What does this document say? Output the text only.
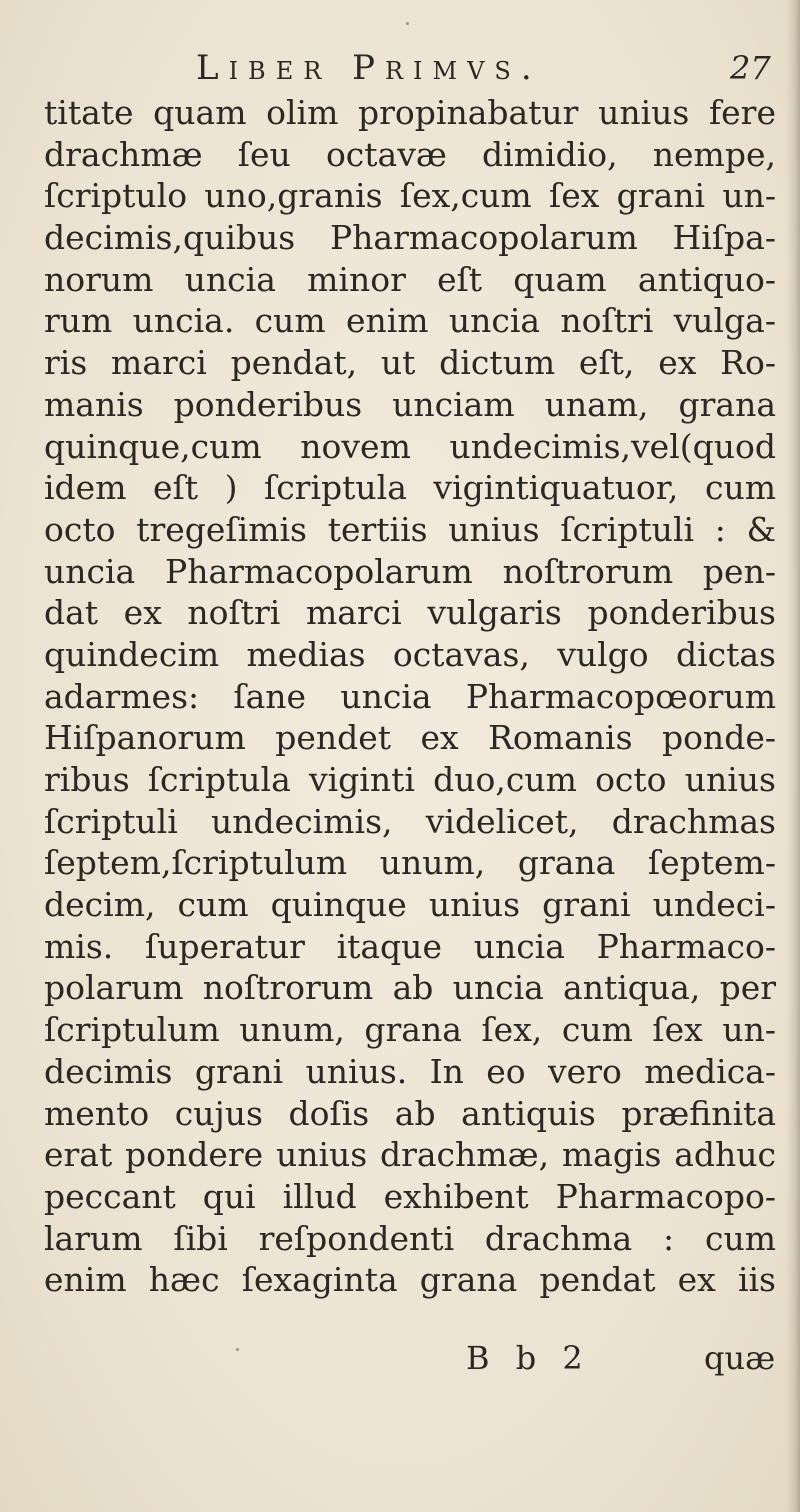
Liber Primvs.	27
titate quam olim propinabatur unius fere
drachmæ ſeu octavæ dimidio, nempe,
ſcriptulo uno,granis ſex,cum ſex grani un-
decimis,quibus Pharmacopolarum Hiſpa-
norum uncia minor eſt quam antiquo-
rum uncia. cum enim uncia noſtri vulga-
ris marci pendat, ut dictum eſt, ex Ro-
manis ponderibus unciam unam, grana
quinque,cum novem undecimis,vel(quod
idem eſt ) ſcriptula vigintiquatuor, cum
octo tregeſimis tertiis unius ſcriptuli : &
uncia Pharmacopolarum noſtrorum pen-
dat ex noſtri marci vulgaris ponderibus
quindecim medias octavas, vulgo dictas
adarmes: ſane uncia Pharmacopœorum
Hiſpanorum pendet ex Romanis ponde-
ribus ſcriptula viginti duo,cum octo unius
ſcriptuli undecimis, videlicet, drachmas
ſeptem,ſcriptulum unum, grana ſeptem-
decim, cum quinque unius grani undeci-
mis. ſuperatur itaque uncia Pharmaco-
polarum noſtrorum ab uncia antiqua, per
ſcriptulum unum, grana ſex, cum ſex un-
decimis grani unius. In eo vero medica-
mento cujus doſis ab antiquis præfinita
erat pondere unius drachmæ, magis adhuc
peccant qui illud exhibent Pharmacopo-
larum ſibi reſpondenti drachma : cum
enim hæc ſexaginta grana pendat ex iis
B b 2	quæ
